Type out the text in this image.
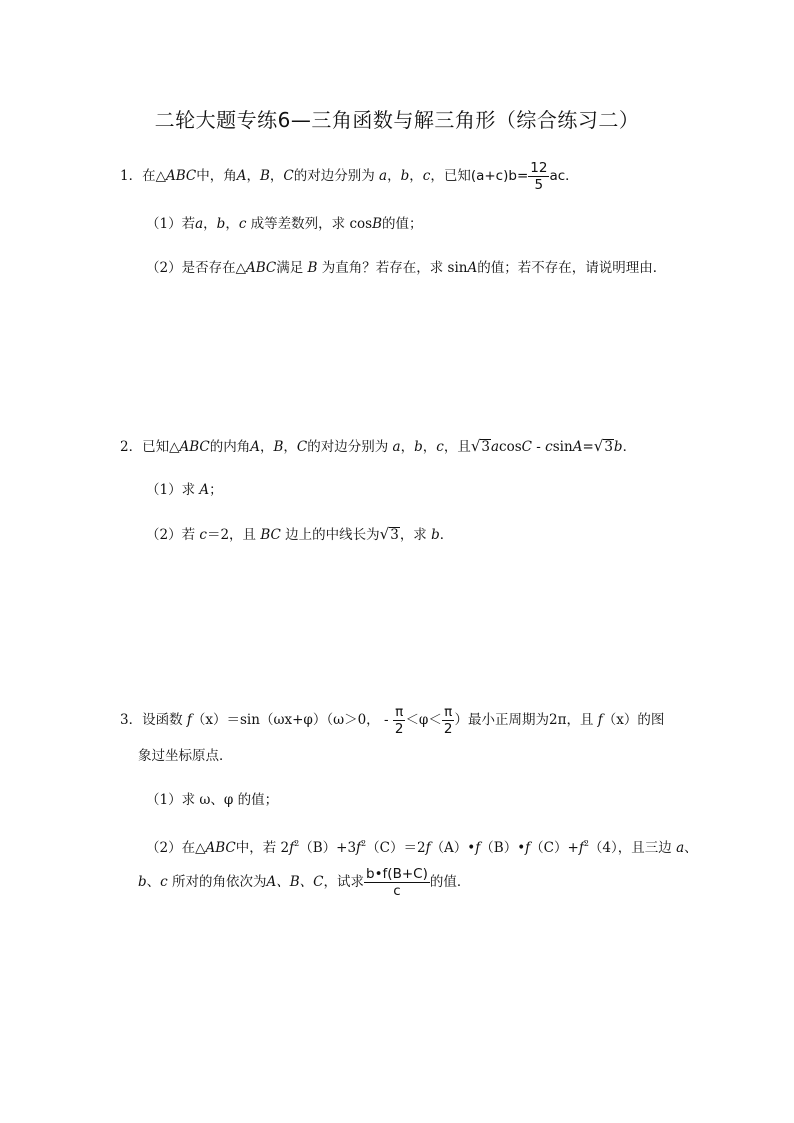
二轮大题专练6—三角函数与解三角形（综合练习二）
1．在△ABC中，角A，B，C的对边分别为 a，b，c，已知$(a+c)b= \frac{12}{5}$ ac．
（1）若a，b，c 成等差数列，求 cosB的值；
（2）是否存在△ABC满足 B 为直角？若存在，求 sinA的值；若不存在，请说明理由．
2．已知△ABC的内角A，B，C的对边分别为 a，b，c，且√3acosC - csinA=√3b．
（1）求 A；
（2）若 c＝2，且 BC 边上的中线长为√3，求 b．
3．设函数 f（x）＝sin（ωx+φ）（ω＞0， - $\frac{\pi}{2} <\varphi< \frac{\pi}{2}$ ）最小正周期为2π，且 f（x）的图
象过坐标原点．
（1）求 ω、φ 的值；
（2）在△ABC中，若 $2f^2(B)+3f^2(C)=2f(A)•f(B)•f(C)+f^2(4)$，且三边 a、
b、c 所对的角依次为A、B、C，试求 $\frac{b•f(B+C)}{c}$ 的值．
